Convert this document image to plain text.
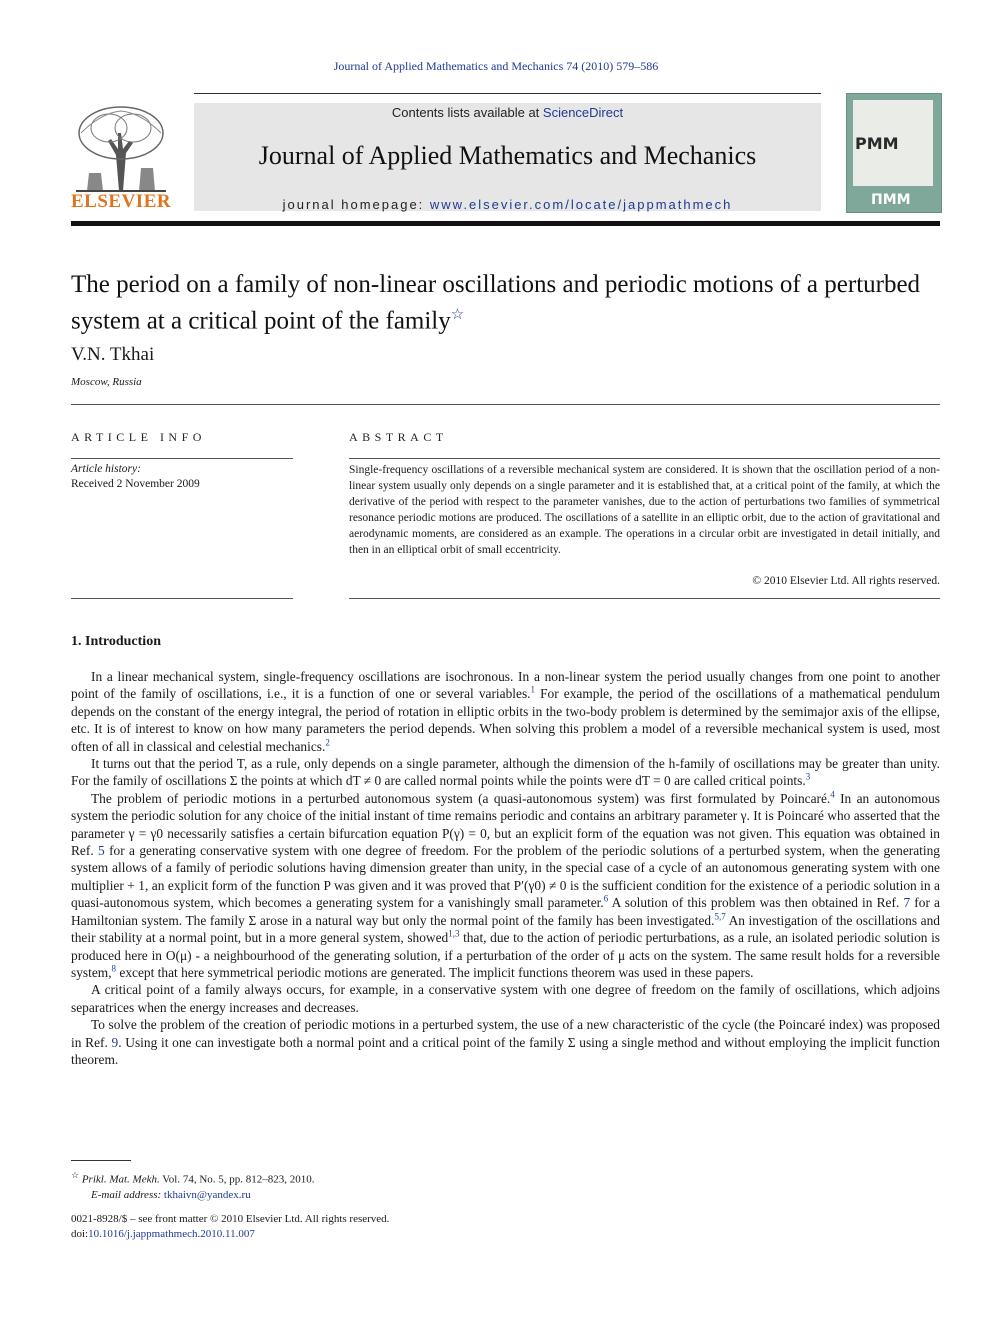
Journal of Applied Mathematics and Mechanics 74 (2010) 579–586
ELSEVIER
Contents lists available at ScienceDirect
Journal of Applied Mathematics and Mechanics
journal homepage: www.elsevier.com/locate/jappmathmech
PMM
ПММ
The period on a family of non-linear oscillations and periodic motions of a perturbed system at a critical point of the family☆
V.N. Tkhai
Moscow, Russia
ARTICLE INFO
Article history:
Received 2 November 2009
ABSTRACT
Single-frequency oscillations of a reversible mechanical system are considered. It is shown that the oscillation period of a non-linear system usually only depends on a single parameter and it is established that, at a critical point of the family, at which the derivative of the period with respect to the parameter vanishes, due to the action of perturbations two families of symmetrical resonance periodic motions are produced. The oscillations of a satellite in an elliptic orbit, due to the action of gravitational and aerodynamic moments, are considered as an example. The operations in a circular orbit are investigated in detail initially, and then in an elliptical orbit of small eccentricity.
© 2010 Elsevier Ltd. All rights reserved.
1. Introduction

In a linear mechanical system, single-frequency oscillations are isochronous. In a non-linear system the period usually changes from one point to another point of the family of oscillations, i.e., it is a function of one or several variables.$^1$ For example, the period of the oscillations of a mathematical pendulum depends on the constant of the energy integral, the period of rotation in elliptic orbits in the two-body problem is determined by the semimajor axis of the ellipse, etc. It is of interest to know on how many parameters the period depends. When solving this problem a model of a reversible mechanical system is used, most often of all in classical and celestial mechanics.$^2$

It turns out that the period T, as a rule, only depends on a single parameter, although the dimension of the h-family of oscillations may be greater than unity. For the family of oscillations Σ the points at which dT ≠ 0 are called normal points while the points were dT = 0 are called critical points.$^3$

The problem of periodic motions in a perturbed autonomous system (a quasi-autonomous system) was first formulated by Poincaré.$^4$ In an autonomous system the periodic solution for any choice of the initial instant of time remains periodic and contains an arbitrary parameter γ. It is Poincaré who asserted that the parameter γ = γ0 necessarily satisfies a certain bifurcation equation P(γ) = 0, but an explicit form of the equation was not given. This equation was obtained in Ref. 5 for a generating conservative system with one degree of freedom. For the problem of the periodic solutions of a perturbed system, when the generating system allows of a family of periodic solutions having dimension greater than unity, in the special case of a cycle of an autonomous generating system with one multiplier + 1, an explicit form of the function P was given and it was proved that P′(γ0) ≠ 0 is the sufficient condition for the existence of a periodic solution in a quasi-autonomous system, which becomes a generating system for a vanishingly small parameter.$^6$ A solution of this problem was then obtained in Ref. 7 for a Hamiltonian system. The family Σ arose in a natural way but only the normal point of the family has been investigated.$^{5,7}$ An investigation of the oscillations and their stability at a normal point, but in a more general system, showed$^{1,3}$ that, due to the action of periodic perturbations, as a rule, an isolated periodic solution is produced here in O(μ) - a neighbourhood of the generating solution, if a perturbation of the order of μ acts on the system. The same result holds for a reversible system,$^8$ except that here symmetrical periodic motions are generated. The implicit functions theorem was used in these papers.

A critical point of a family always occurs, for example, in a conservative system with one degree of freedom on the family of oscillations, which adjoins separatrices when the energy increases and decreases.

To solve the problem of the creation of periodic motions in a perturbed system, the use of a new characteristic of the cycle (the Poincaré index) was proposed in Ref. 9. Using it one can investigate both a normal point and a critical point of the family Σ using a single method and without employing the implicit function theorem.

☆ Prikl. Mat. Mekh. Vol. 74, No. 5, pp. 812–823, 2010.
E-mail address: tkhaivn@yandex.ru
0021-8928/$ – see front matter © 2010 Elsevier Ltd. All rights reserved.
doi:10.1016/j.jappmathmech.2010.11.007
